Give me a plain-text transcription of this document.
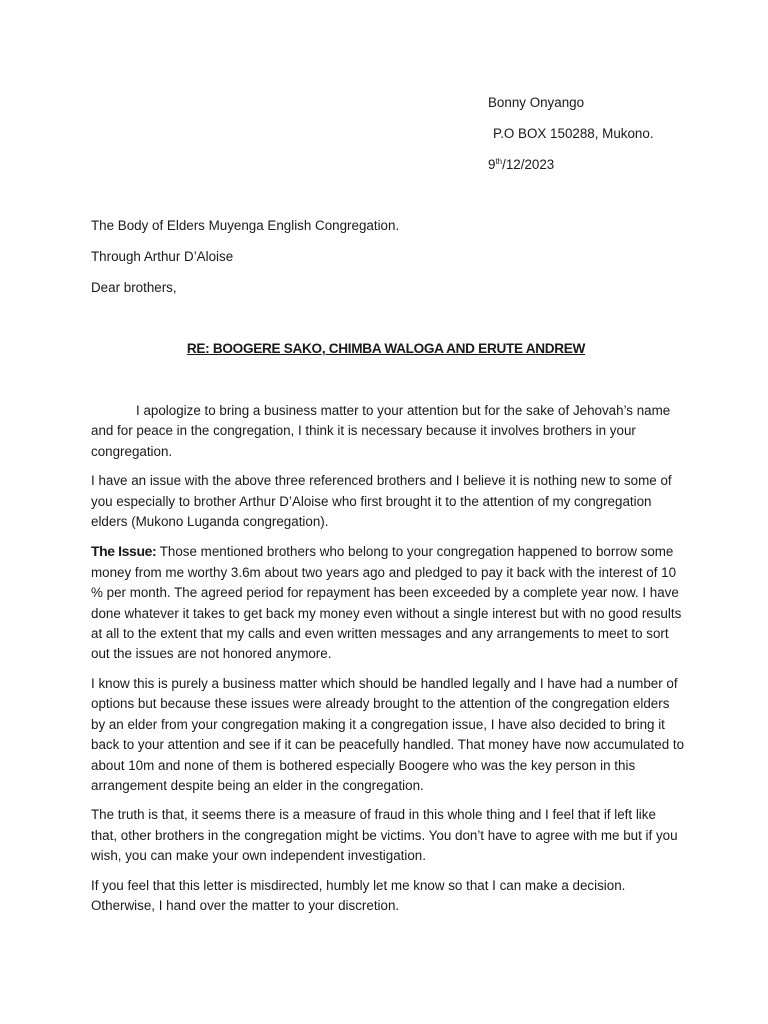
Bonny Onyango
P.O BOX 150288, Mukono.
9th/12/2023
The Body of Elders Muyenga English Congregation.
Through Arthur D’Aloise
Dear brothers,
RE: BOOGERE SAKO, CHIMBA WALOGA AND ERUTE ANDREW

I apologize to bring a business matter to your attention but for the sake of Jehovah’s name and for peace in the congregation, I think it is necessary because it involves brothers in your congregation.

I have an issue with the above three referenced brothers and I believe it is nothing new to some of you especially to brother Arthur D’Aloise who first brought it to the attention of my congregation elders (Mukono Luganda congregation).

The Issue: Those mentioned brothers who belong to your congregation happened to borrow some money from me worthy 3.6m about two years ago and pledged to pay it back with the interest of 10 % per month. The agreed period for repayment has been exceeded by a complete year now. I have done whatever it takes to get back my money even without a single interest but with no good results at all to the extent that my calls and even written messages and any arrangements to meet to sort out the issues are not honored anymore.

I know this is purely a business matter which should be handled legally and I have had a number of options but because these issues were already brought to the attention of the congregation elders by an elder from your congregation making it a congregation issue, I have also decided to bring it back to your attention and see if it can be peacefully handled. That money have now accumulated to about 10m and none of them is bothered especially Boogere who was the key person in this arrangement despite being an elder in the congregation.

The truth is that, it seems there is a measure of fraud in this whole thing and I feel that if left like that, other brothers in the congregation might be victims. You don’t have to agree with me but if you wish, you can make your own independent investigation.

If you feel that this letter is misdirected, humbly let me know so that I can make a decision. Otherwise, I hand over the matter to your discretion.
